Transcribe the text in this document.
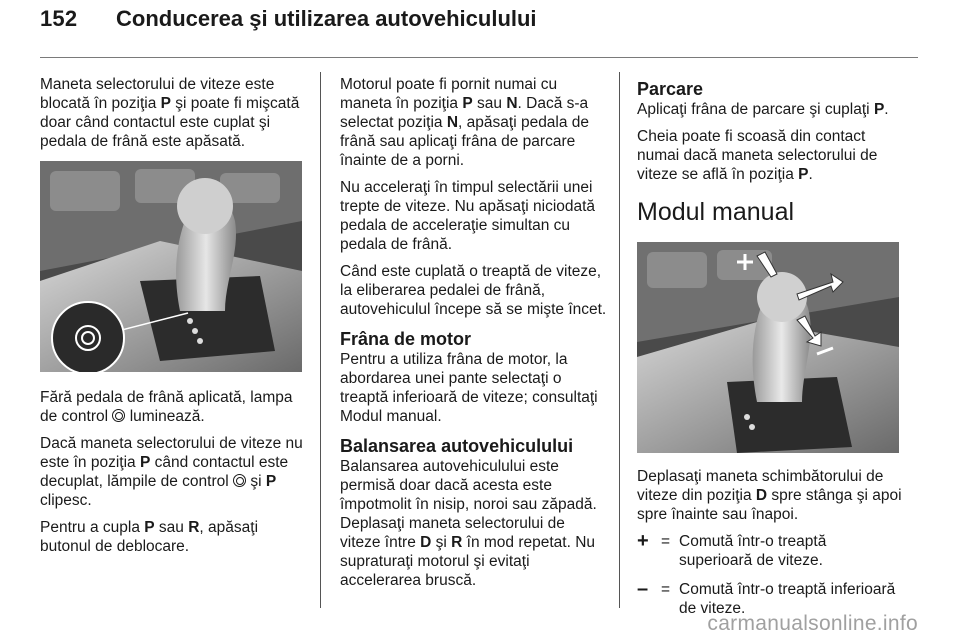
152 Conducerea şi utilizarea autovehiculului

Maneta selectorului de viteze este blocată în poziţia P şi poate fi mişcată doar când contactul este cuplat şi pedala de frână este apăsată.

Fără pedala de frână aplicată, lampa de control  luminează.

Dacă maneta selectorului de viteze nu este în poziţia P când contactul este decuplat, lămpile de control  şi P clipesc.

Pentru a cupla P sau R, apăsaţi butonul de deblocare.

Motorul poate fi pornit numai cu maneta în poziţia P sau N. Dacă s-a selectat poziţia N, apăsaţi pedala de frână sau aplicaţi frâna de parcare înainte de a porni.

Nu acceleraţi în timpul selectării unei trepte de viteze. Nu apăsaţi niciodată pedala de acceleraţie simultan cu pedala de frână.

Când este cuplată o treaptă de viteze, la eliberarea pedalei de frână, autovehiculul începe să se mişte încet.

Frâna de motor

Pentru a utiliza frâna de motor, la abordarea unei pante selectaţi o treaptă inferioară de viteze; consultaţi Modul manual.

Balansarea autovehiculului

Balansarea autovehiculului este permisă doar dacă acesta este împotmolit în nisip, noroi sau zăpadă. Deplasaţi maneta selectorului de viteze între D şi R în mod repetat. Nu supraturaţi motorul şi evitaţi accelerarea bruscă.

Parcare

Aplicaţi frâna de parcare şi cuplaţi P.

Cheia poate fi scoasă din contact numai dacă maneta selectorului de viteze se află în poziţia P.

Modul manual

Deplasaţi maneta schimbătorului de viteze din poziţia D spre stânga şi apoi spre înainte sau înapoi.

+ = Comută într-o treaptă superioară de viteze.
– = Comută într-o treaptă inferioară de viteze.
carmanualsonline.info
